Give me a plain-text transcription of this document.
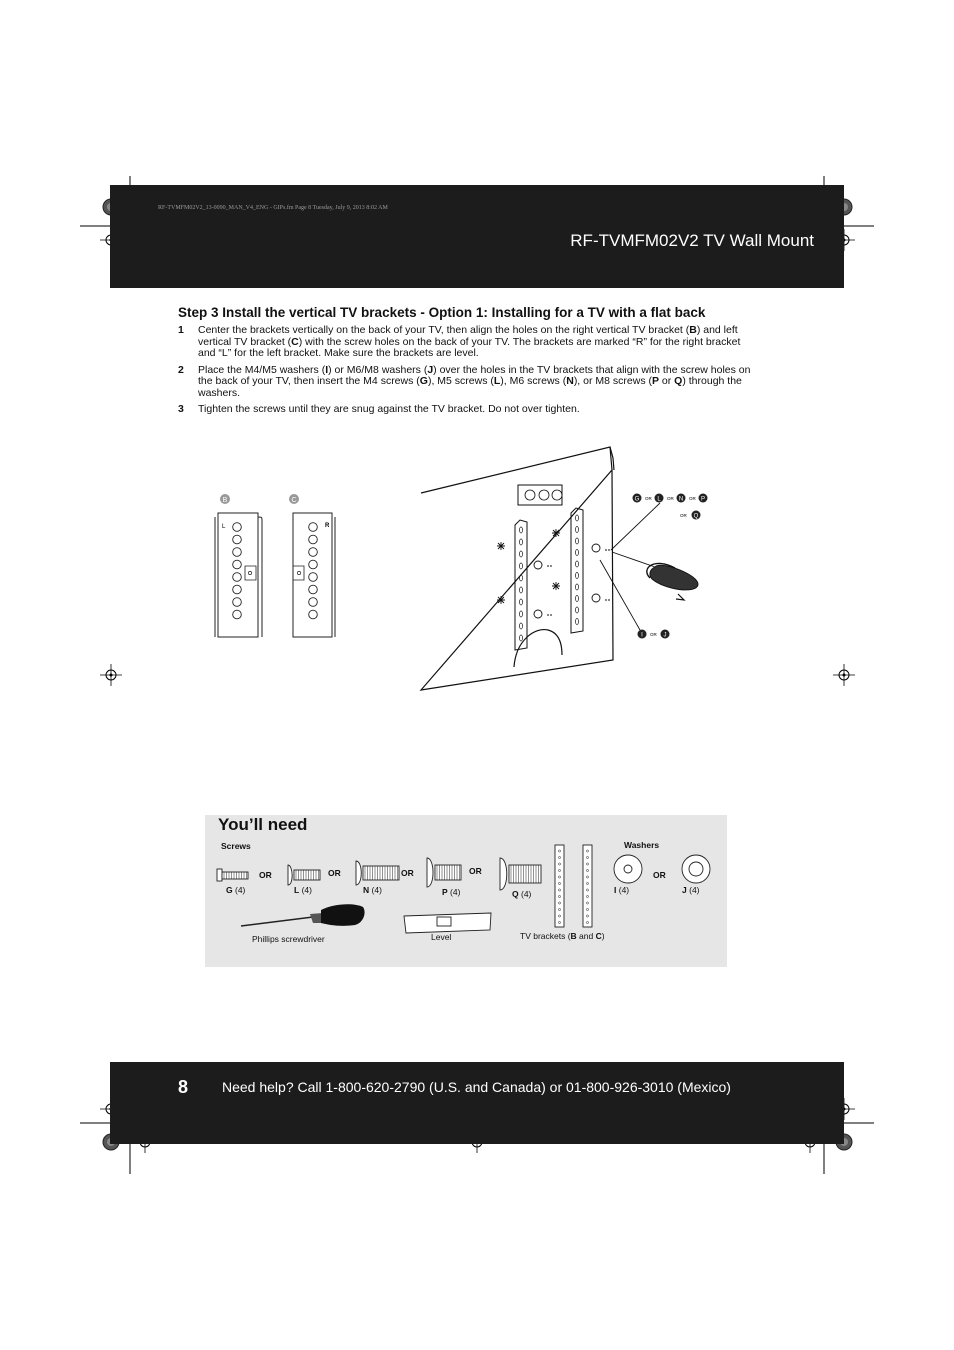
RF-TVMFM02V2_13-0090_MAN_V4_ENG - GIPs.fm Page 8 Tuesday, July 9, 2013 8:02 AM
RF-TVMFM02V2 TV Wall Mount
Step 3 Install the vertical TV brackets - Option 1: Installing for a TV with a flat back
1	Center the brackets vertically on the back of your TV, then align the holes on the right vertical TV bracket (B) and left vertical TV bracket (C) with the screw holes on the back of your TV. The brackets are marked “R” for the right bracket and “L” for the left bracket. Make sure the brackets are level.
2	Place the M4/M5 washers (I) or M6/M8 washers (J) over the holes in the TV brackets that align with the screw holes on the back of your TV, then insert the M4 screws (G), M5 screws (L), M6 screws (N), or M8 screws (P or Q) through the washers.
3	Tighten the screws until they are snug against the TV bracket. Do not over tighten.
B
L
C
R
G OR L OR N OR P
OR Q
I OR J
You’ll need
Screws	Washers
OR	OR	OR	OR	OR
G (4)	L (4)	N (4)	P (4)	Q (4)	I (4)	J (4)
Phillips screwdriver	Level	TV brackets (B and C)
8 Need help? Call 1-800-620-2790 (U.S. and Canada) or 01-800-926-3010 (Mexico)
